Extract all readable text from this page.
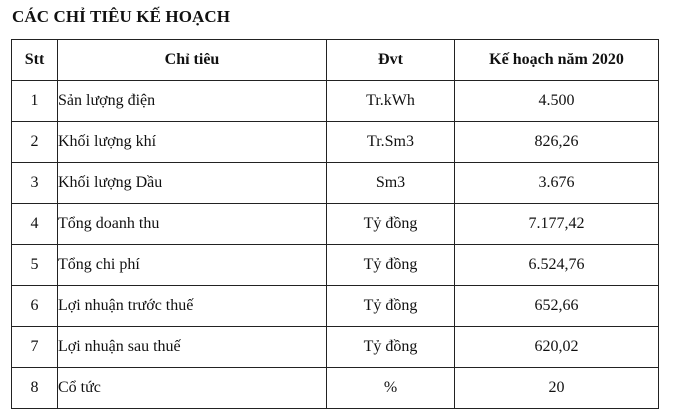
CÁC CHỈ TIÊU KẾ HOẠCH
Stt	Chỉ tiêu	Đvt	Kế hoạch năm 2020
1	Sản lượng điện	Tr.kWh	4.500
2	Khối lượng khí	Tr.Sm3	826,26
3	Khối lượng Dầu	Sm3	3.676
4	Tổng doanh thu	Tỷ đồng	7.177,42
5	Tổng chi phí	Tỷ đồng	6.524,76
6	Lợi nhuận trước thuế	Tỷ đồng	652,66
7	Lợi nhuận sau thuế	Tỷ đồng	620,02
8	Cổ tức	%	20
